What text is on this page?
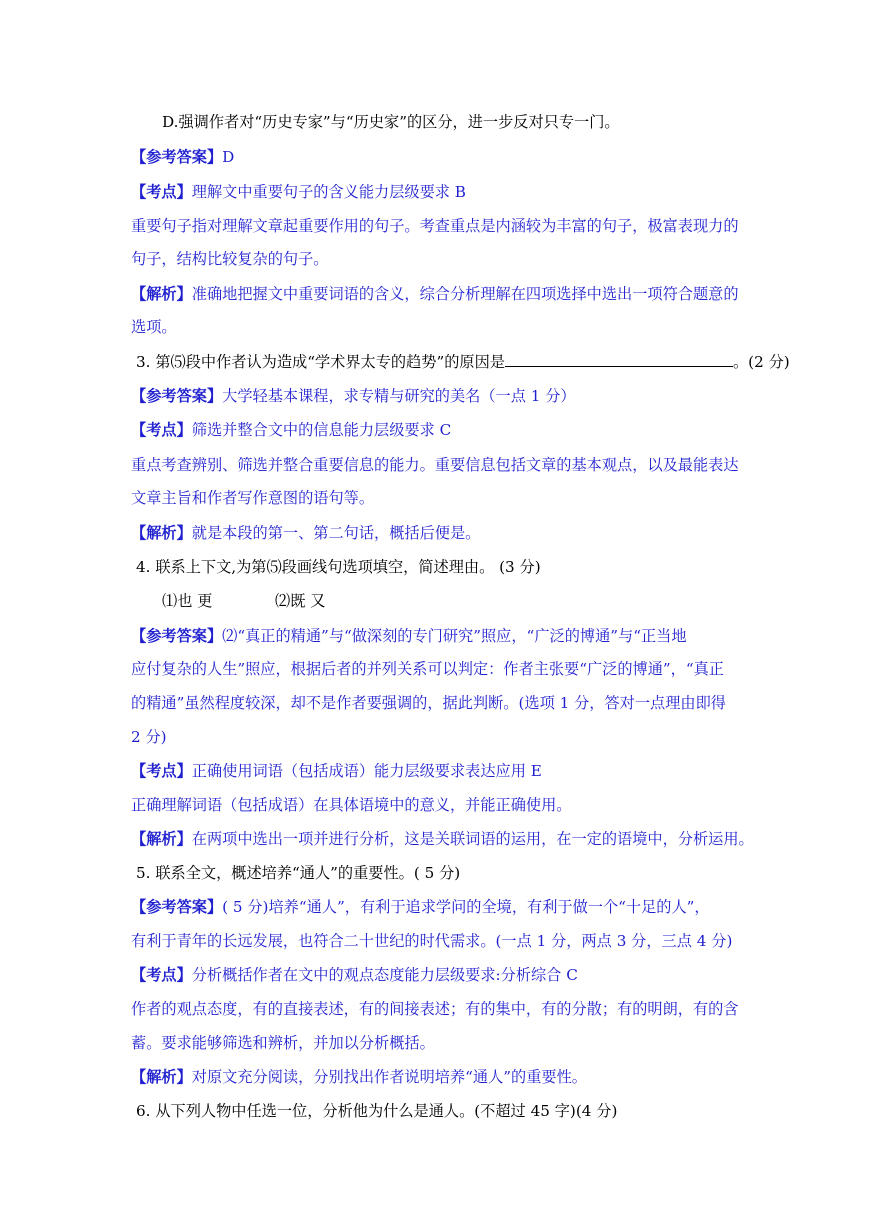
D.强调作者对“历史专家”与“历史家”的区分，进一步反对只专一门。

【参考答案】D

【考点】理解文中重要句子的含义能力层级要求 B

重要句子指对理解文章起重要作用的句子。考查重点是内涵较为丰富的句子，极富表现力的

句子，结构比较复杂的句子。

【解析】准确地把握文中重要词语的含义，综合分析理解在四项选择中选出一项符合题意的

选项。

3. 第⑸段中作者认为造成“学术界太专的趋势”的原因是	。(2 分)

【参考答案】大学轻基本课程，求专精与研究的美名（一点 1 分）

【考点】筛选并整合文中的信息能力层级要求 C

重点考查辨别、筛选并整合重要信息的能力。重要信息包括文章的基本观点，以及最能表达

文章主旨和作者写作意图的语句等。

【解析】就是本段的第一、第二句话，概括后便是。

4. 联系上下文,为第⑸段画线句选项填空，简述理由。 (3 分)

⑴也 更	⑵既 又

【参考答案】⑵“真正的精通”与“做深刻的专门研究”照应，“广泛的博通”与“正当地

应付复杂的人生”照应，根据后者的并列关系可以判定：作者主张要“广泛的博通”，“真正

的精通”虽然程度较深，却不是作者要强调的，据此判断。(选项 1 分，答对一点理由即得

2 分)

【考点】正确使用词语（包括成语）能力层级要求表达应用 E

正确理解词语（包括成语）在具体语境中的意义，并能正确使用。

【解析】在两项中选出一项并进行分析，这是关联词语的运用，在一定的语境中，分析运用。

5. 联系全文，概述培养“通人”的重要性。( 5 分)

【参考答案】( 5 分)培养“通人”，有利于追求学问的全境，有利于做一个“十足的人”，

有利于青年的长远发展，也符合二十世纪的时代需求。(一点 1 分，两点 3 分，三点 4 分)

【考点】分析概括作者在文中的观点态度能力层级要求:分析综合 C

作者的观点态度，有的直接表述，有的间接表述；有的集中，有的分散；有的明朗，有的含

蓄。要求能够筛选和辨析，并加以分析概括。

【解析】对原文充分阅读，分别找出作者说明培养“通人”的重要性。

6. 从下列人物中任选一位，分析他为什么是通人。(不超过 45 字)(4 分)
